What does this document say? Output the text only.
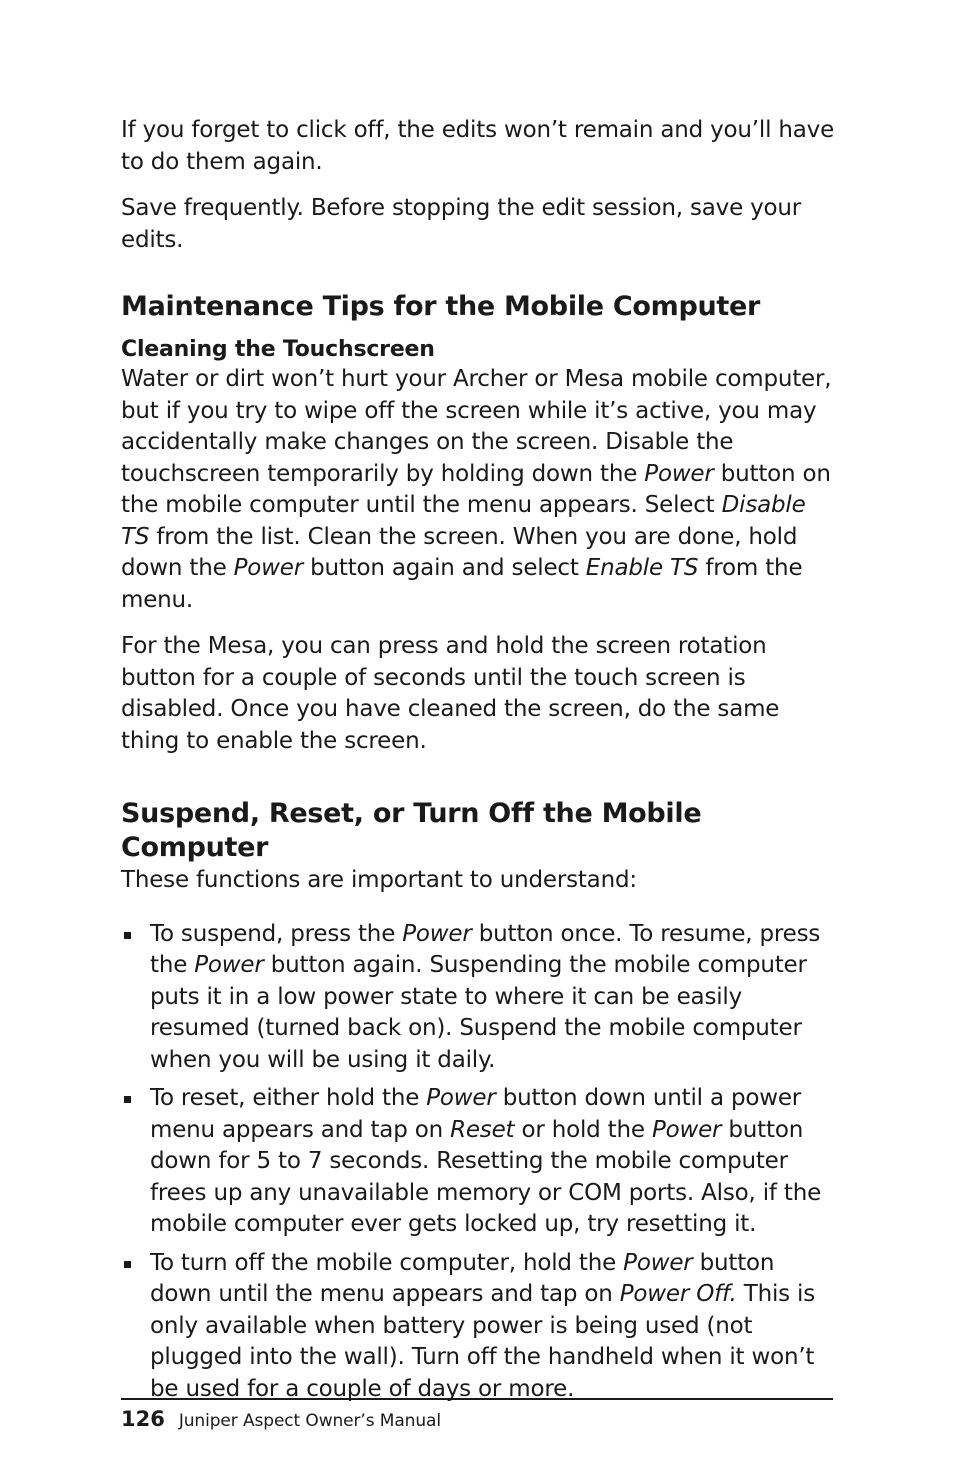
If you forget to click off, the edits won’t remain and you’ll have to do them again.

Save frequently. Before stopping the edit session, save your edits.

Maintenance Tips for the Mobile Computer
Cleaning the Touchscreen

Water or dirt won’t hurt your Archer or Mesa mobile computer, but if you try to wipe off the screen while it’s active, you may accidentally make changes on the screen. Disable the touchscreen temporarily by holding down the Power button on the mobile computer until the menu appears. Select Disable TS from the list. Clean the screen. When you are done, hold down the Power button again and select Enable TS from the menu.

For the Mesa, you can press and hold the screen rotation button for a couple of seconds until the touch screen is disabled. Once you have cleaned the screen, do the same thing to enable the screen.

Suspend, Reset, or Turn Off the Mobile Computer

These functions are important to understand:

To suspend, press the Power button once. To resume, press the Power button again. Suspending the mobile computer puts it in a low power state to where it can be easily resumed (turned back on). Suspend the mobile computer when you will be using it daily.
To reset, either hold the Power button down until a power menu appears and tap on Reset or hold the Power button down for 5 to 7 seconds. Resetting the mobile computer frees up any unavailable memory or COM ports. Also, if the mobile computer ever gets locked up, try resetting it.
To turn off the mobile computer, hold the Power button down until the menu appears and tap on Power Off. This is only available when battery power is being used (not plugged into the wall). Turn off the handheld when it won’t be used for a couple of days or more.
126 Juniper Aspect Owner’s Manual
